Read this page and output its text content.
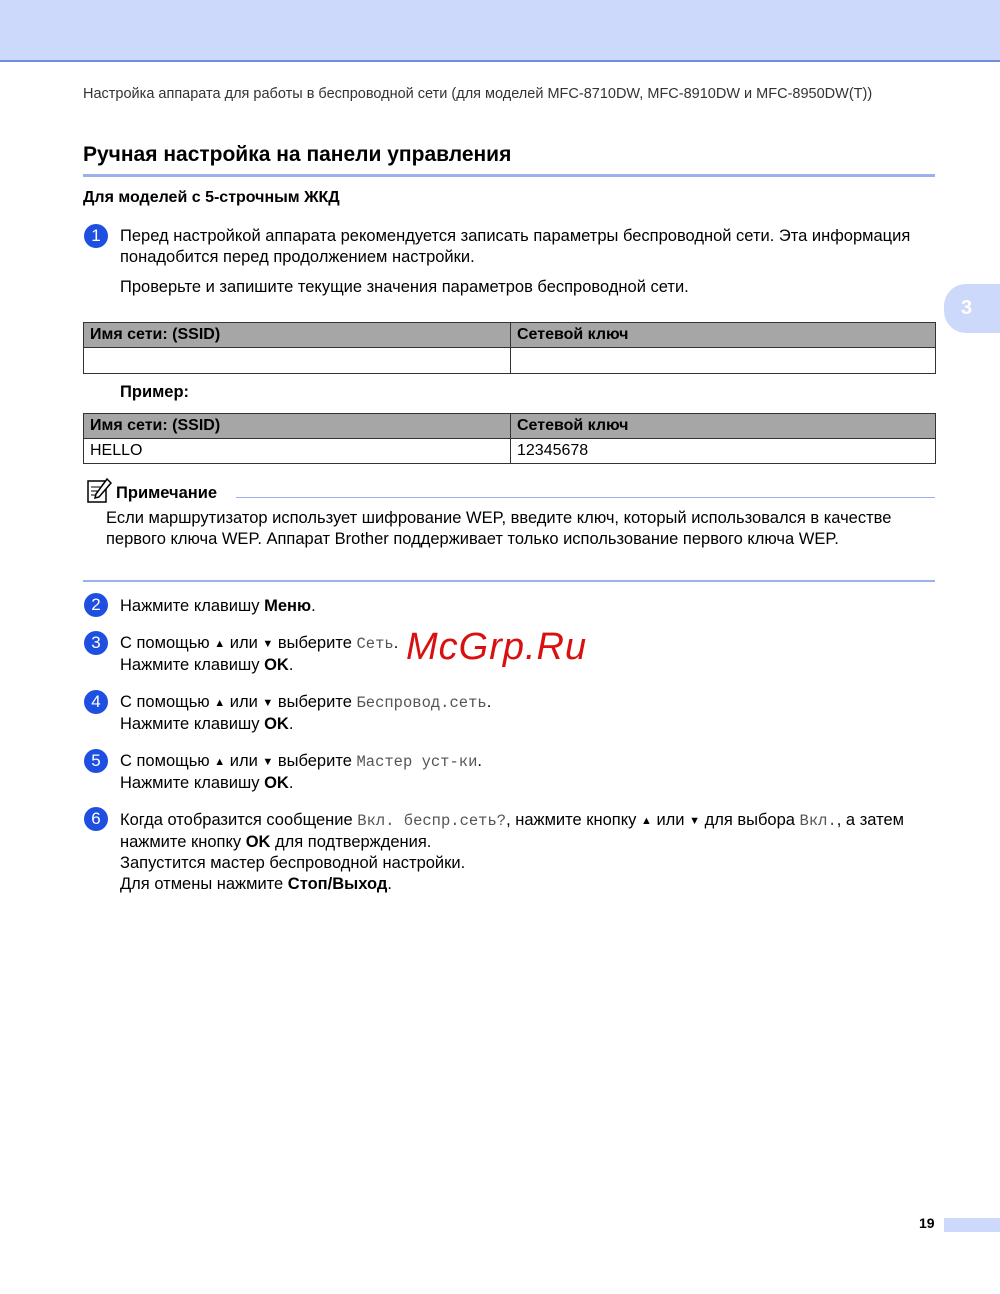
Настройка аппарата для работы в беспроводной сети (для моделей MFC-8710DW, MFC-8910DW и MFC-8950DW(T))
Ручная настройка на панели управления
Для моделей с 5-строчным ЖКД
1	Перед настройкой аппарата рекомендуется записать параметры беспроводной сети. Эта информация понадобится перед продолжением настройки.
Проверьте и запишите текущие значения параметров беспроводной сети.
Имя сети: (SSID)	Сетевой ключ

Пример:
Имя сети: (SSID)	Сетевой ключ
HELLO	12345678
Примечание
Если маршрутизатор использует шифрование WEP, введите ключ, который использовался в качестве первого ключа WEP. Аппарат Brother поддерживает только использование первого ключа WEP.
2	Нажмите клавишу Меню.
3	С помощью ▲ или ▼ выберите Сеть.
Нажмите клавишу OK.
4	С помощью ▲ или ▼ выберите Беспровод.сеть.
Нажмите клавишу OK.
5	С помощью ▲ или ▼ выберите Мастер уст-ки.
Нажмите клавишу OK.
6	Когда отобразится сообщение Вкл. беспр.сеть?, нажмите кнопку ▲ или ▼ для выбора Вкл., а затем нажмите кнопку OK для подтверждения.
Запустится мастер беспроводной настройки.
Для отмены нажмите Стоп/Выход.
3
McGrp.Ru
19
